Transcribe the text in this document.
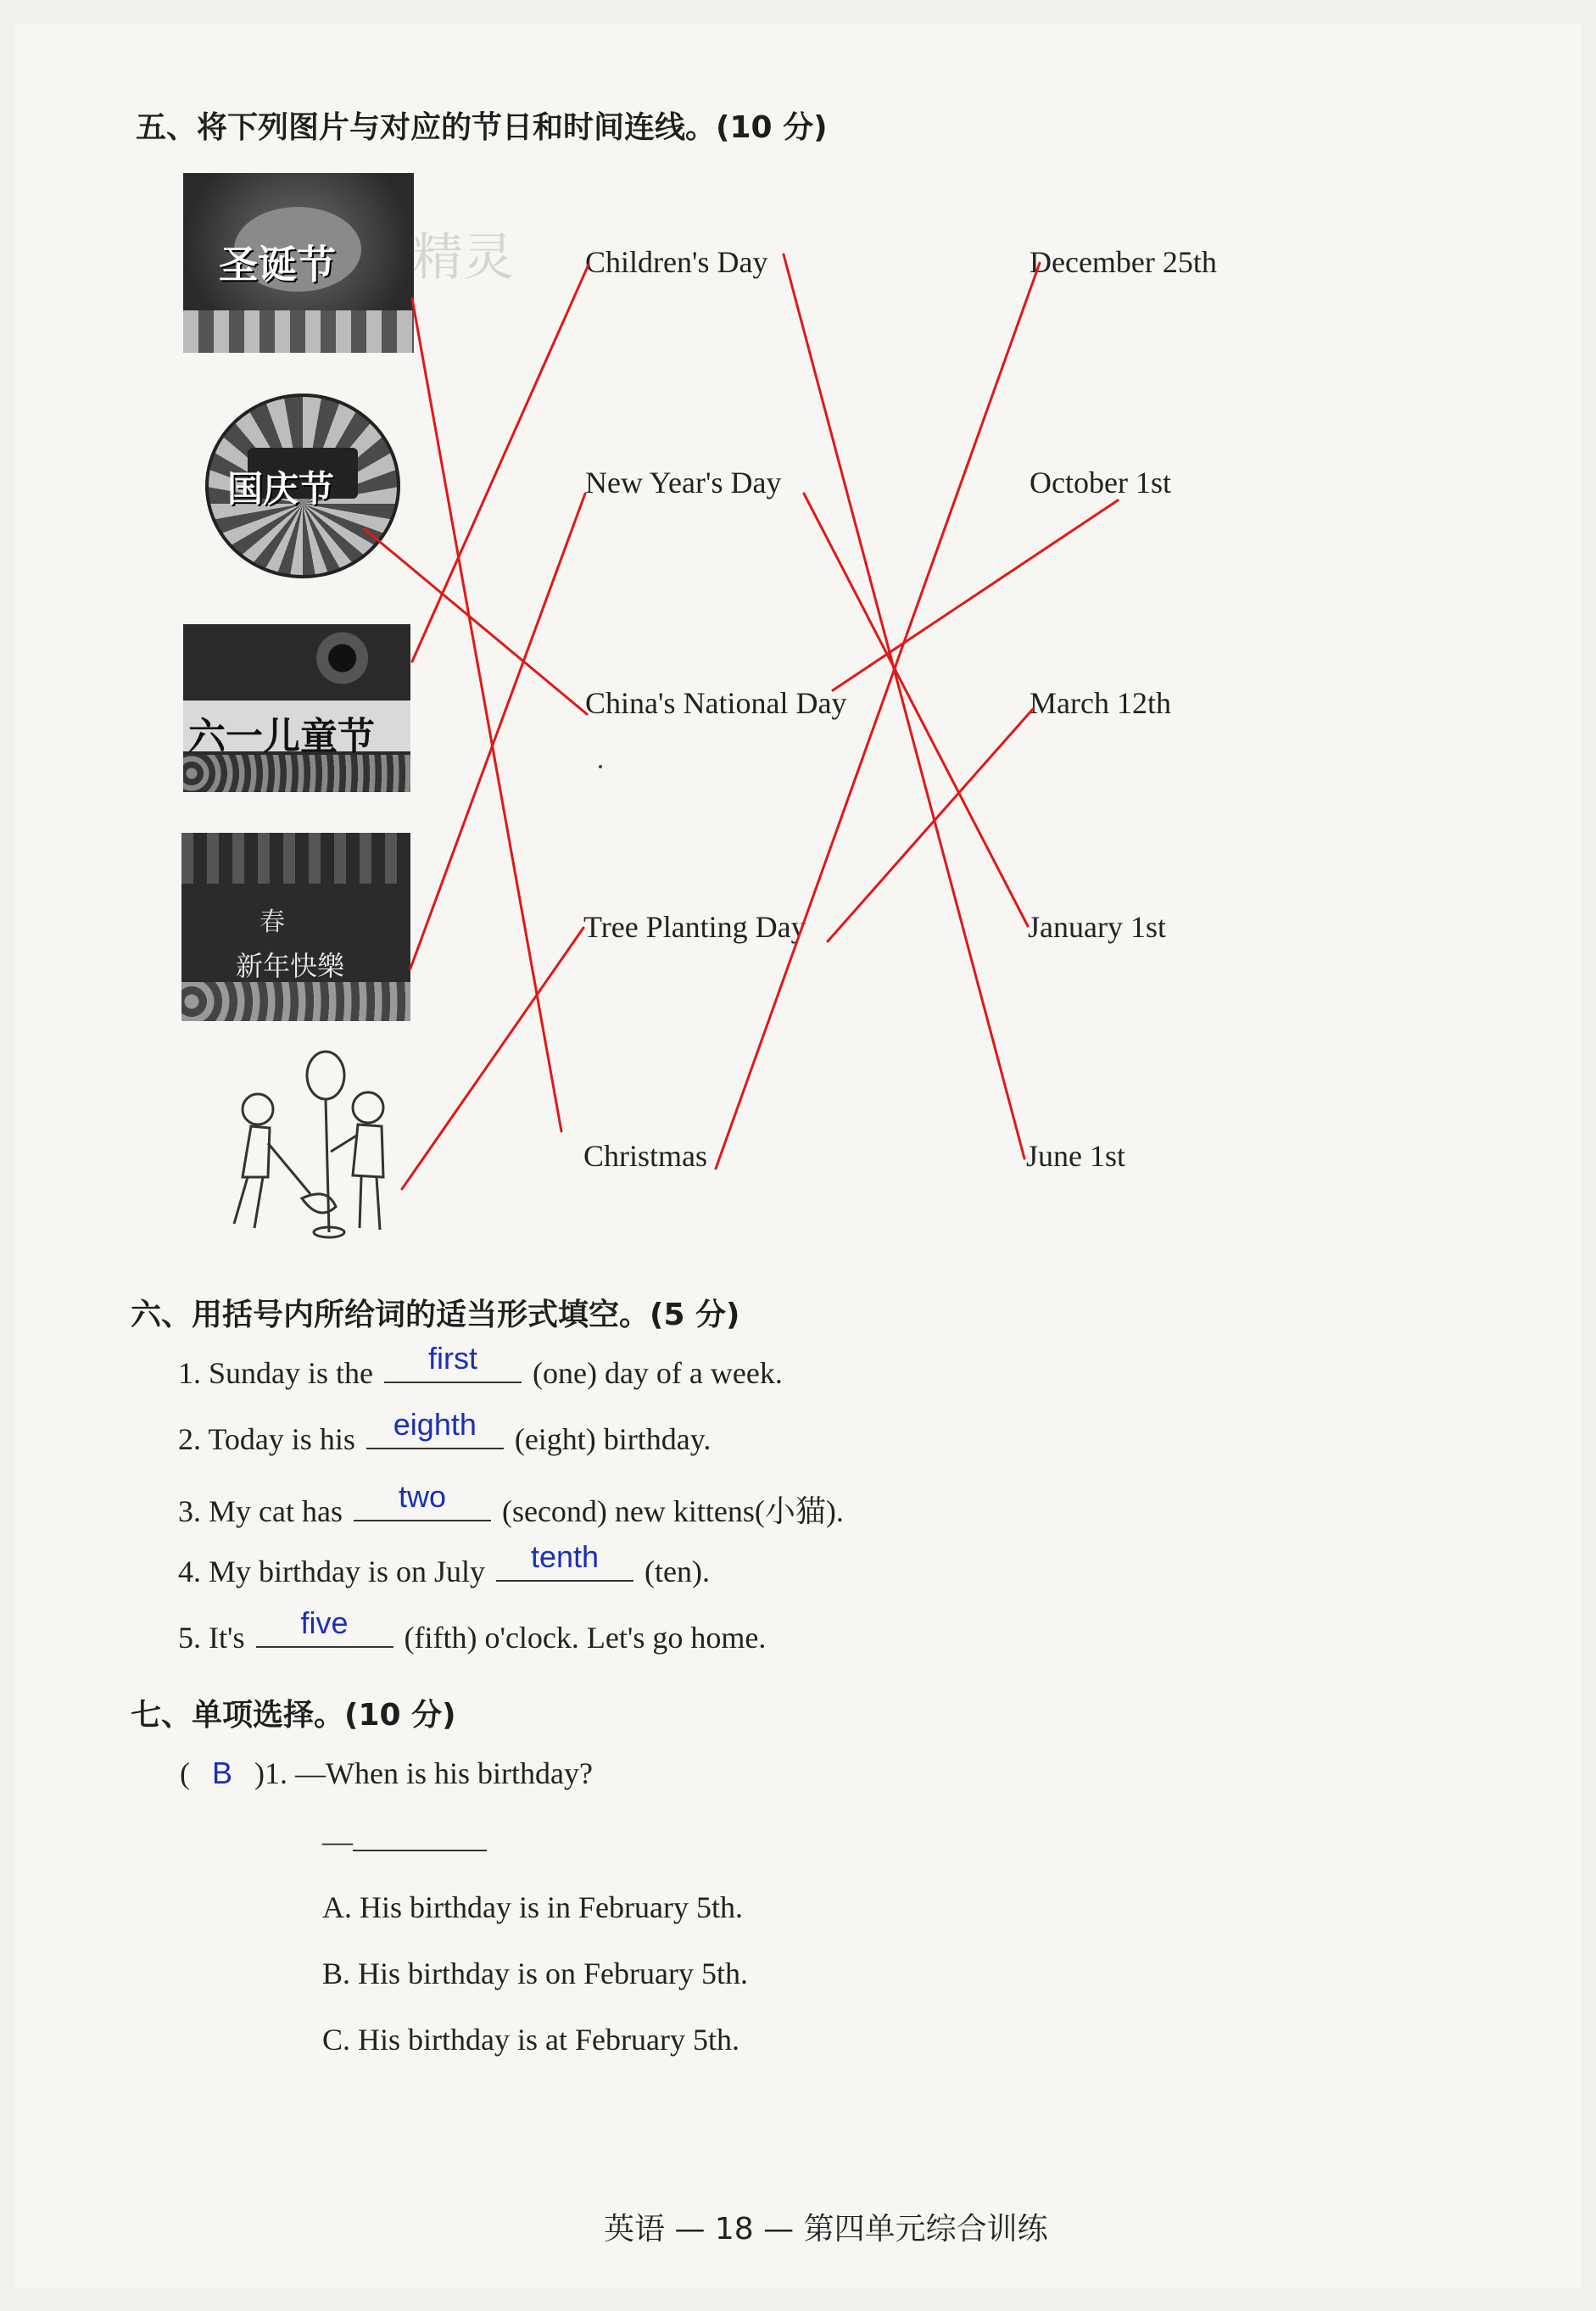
五、将下列图片与对应的节日和时间连线。(10 分)
圣诞节 精灵
国庆节
六一儿童节
春
新年快樂
Children's Day
New Year's Day
China's National Day
Tree Planting Day
Christmas
December 25th
October 1st
March 12th
January 1st
June 1st
六、用括号内所给词的适当形式填空。(5 分)
1. Sunday is the	first	(one) day of a week.
2. Today is his	eighth	(eight) birthday.
3. My cat has	two	(second) new kittens(小猫).
4. My birthday is on July	tenth	(ten).
5. It's	five	(fifth) o'clock. Let's go home.
七、单项选择。(10 分)
( B )1. —When is his birthday?
—
A. His birthday is in February 5th.
B. His birthday is on February 5th.
C. His birthday is at February 5th.
英语 — 18 — 第四单元综合训练
